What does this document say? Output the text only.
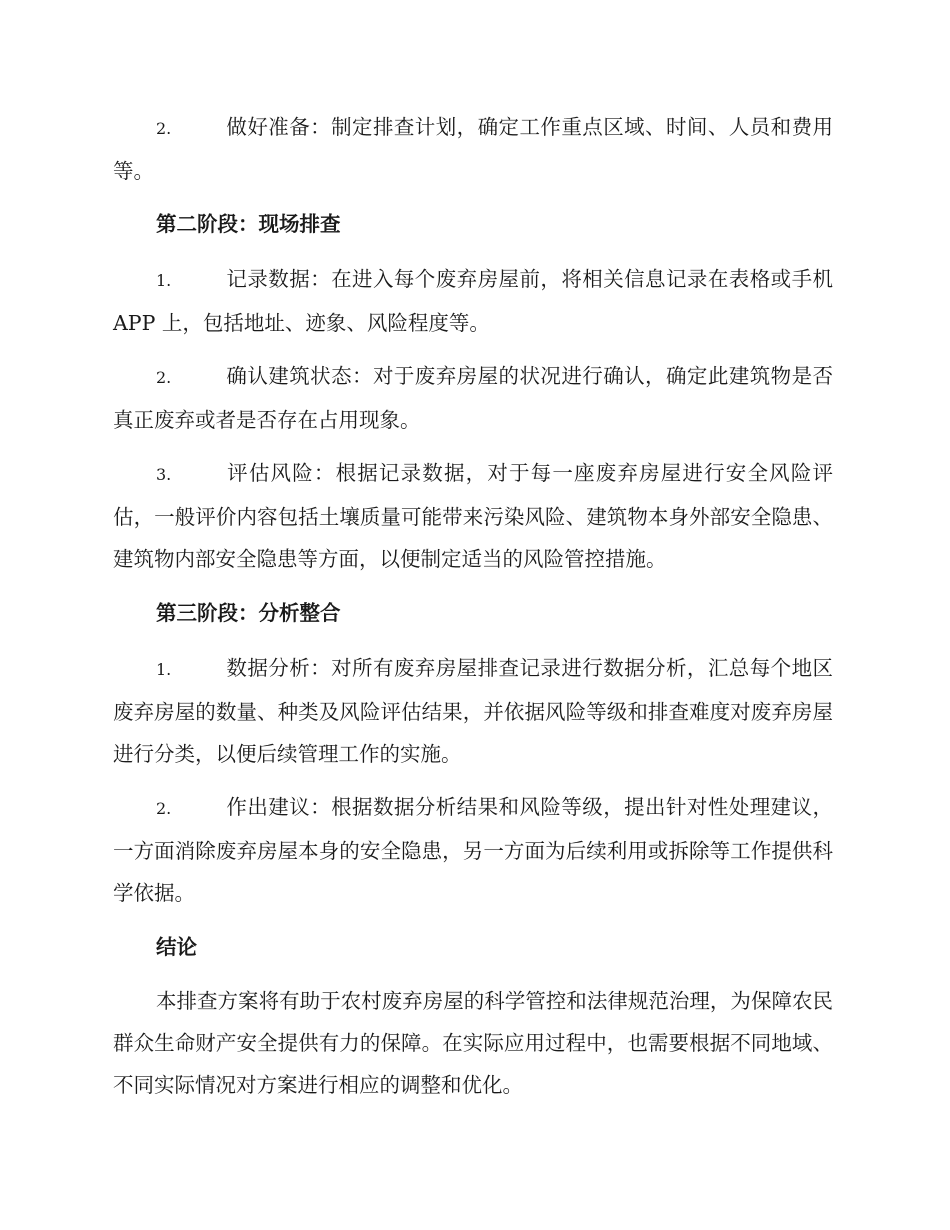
2.	做好准备：制定排查计划，确定工作重点区域、时间、人员和费用等。
第二阶段：现场排查
1.	记录数据：在进入每个废弃房屋前，将相关信息记录在表格或手机 APP 上，包括地址、迹象、风险程度等。
2.	确认建筑状态：对于废弃房屋的状况进行确认，确定此建筑物是否真正废弃或者是否存在占用现象。
3.	评估风险：根据记录数据，对于每一座废弃房屋进行安全风险评估，一般评价内容包括土壤质量可能带来污染风险、建筑物本身外部安全隐患、建筑物内部安全隐患等方面，以便制定适当的风险管控措施。
第三阶段：分析整合
1.	数据分析：对所有废弃房屋排查记录进行数据分析，汇总每个地区废弃房屋的数量、种类及风险评估结果，并依据风险等级和排查难度对废弃房屋进行分类，以便后续管理工作的实施。
2.	作出建议：根据数据分析结果和风险等级，提出针对性处理建议，一方面消除废弃房屋本身的安全隐患，另一方面为后续利用或拆除等工作提供科学依据。
结论
本排查方案将有助于农村废弃房屋的科学管控和法律规范治理，为保障农民群众生命财产安全提供有力的保障。在实际应用过程中，也需要根据不同地域、不同实际情况对方案进行相应的调整和优化。
